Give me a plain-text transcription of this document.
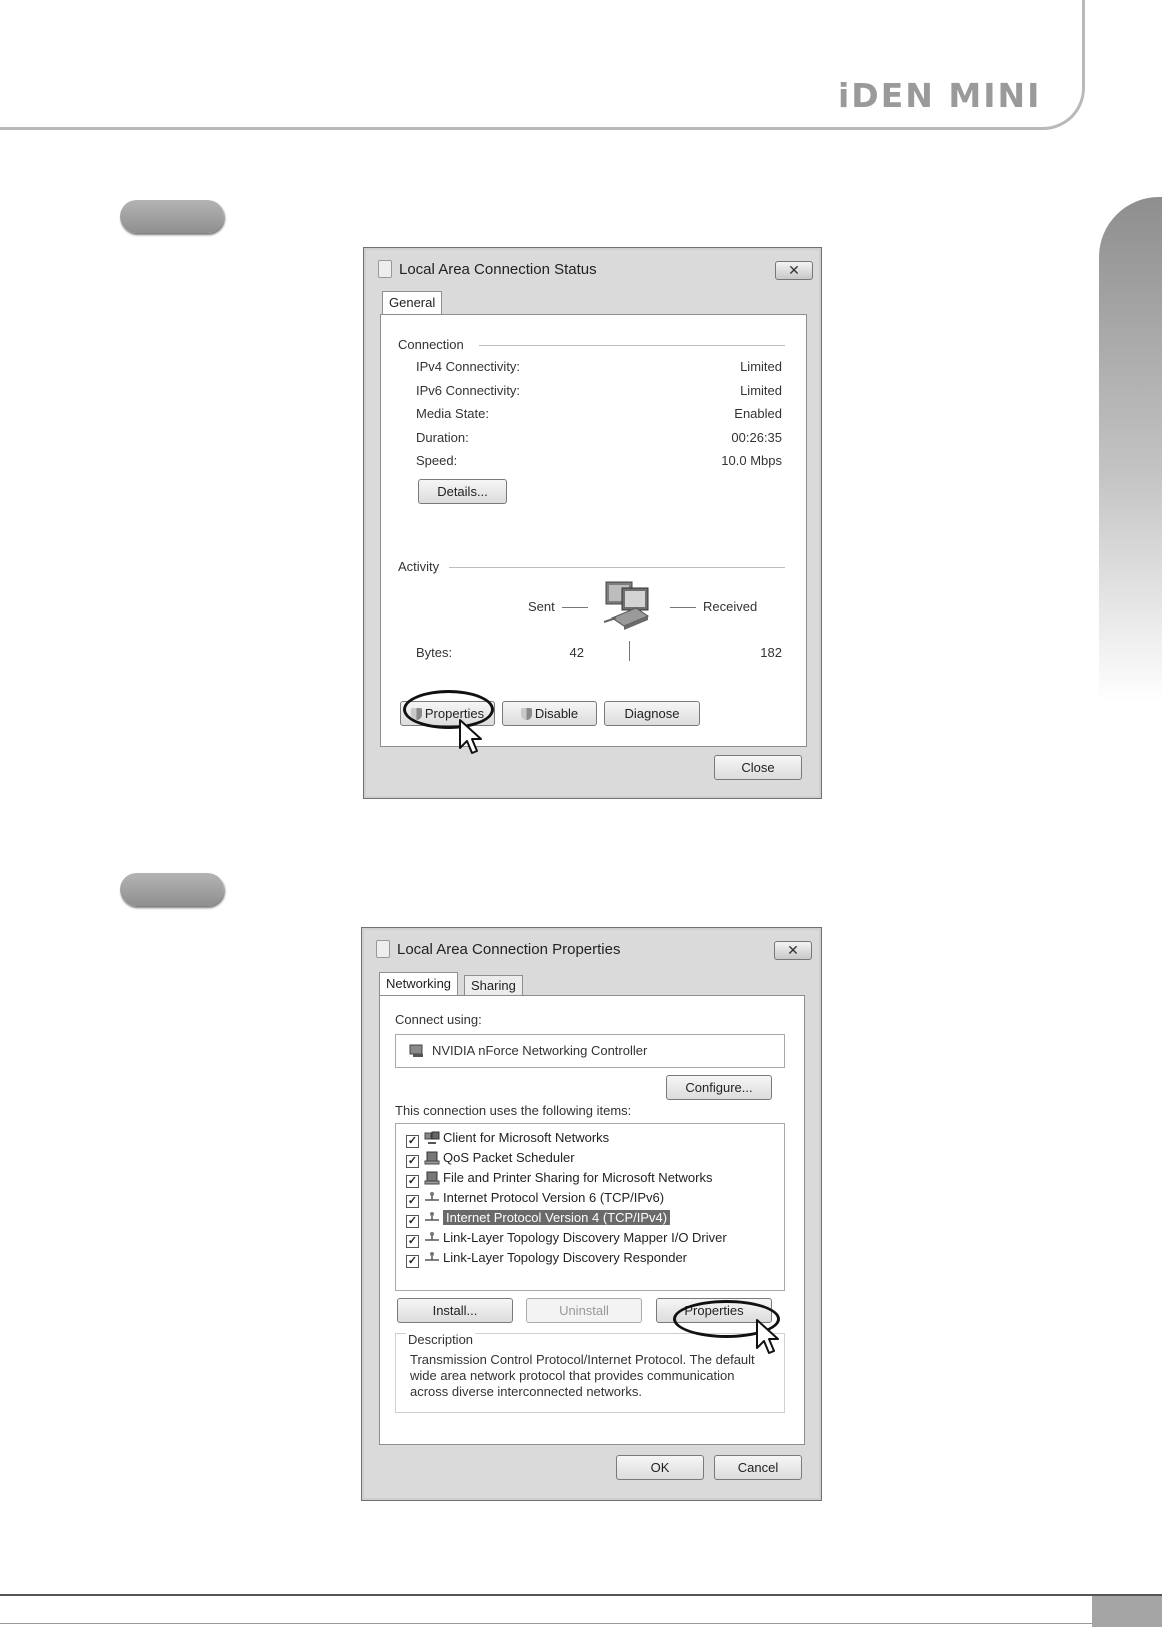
iDEN MINI
Local Area Connection Status	✕
General
Connection
IPv4 Connectivity:	Limited
IPv6 Connectivity:	Limited
Media State:	Enabled
Duration:	00:26:35
Speed:	10.0 Mbps
Details...
Activity
Sent	Received
Bytes:	42	182
Properties	Disable	Diagnose
Close
Local Area Connection Properties	✕
Networking	Sharing
Connect using:
NVIDIA nForce Networking Controller
Configure...
This connection uses the following items:
✓ Client for Microsoft Networks
✓ QoS Packet Scheduler
✓ File and Printer Sharing for Microsoft Networks
✓ Internet Protocol Version 6 (TCP/IPv6)
✓ Internet Protocol Version 4 (TCP/IPv4)
✓ Link-Layer Topology Discovery Mapper I/O Driver
✓ Link-Layer Topology Discovery Responder
Install...	Uninstall	Properties
Description
Transmission Control Protocol/Internet Protocol. The default
wide area network protocol that provides communication
across diverse interconnected networks.
OK	Cancel
